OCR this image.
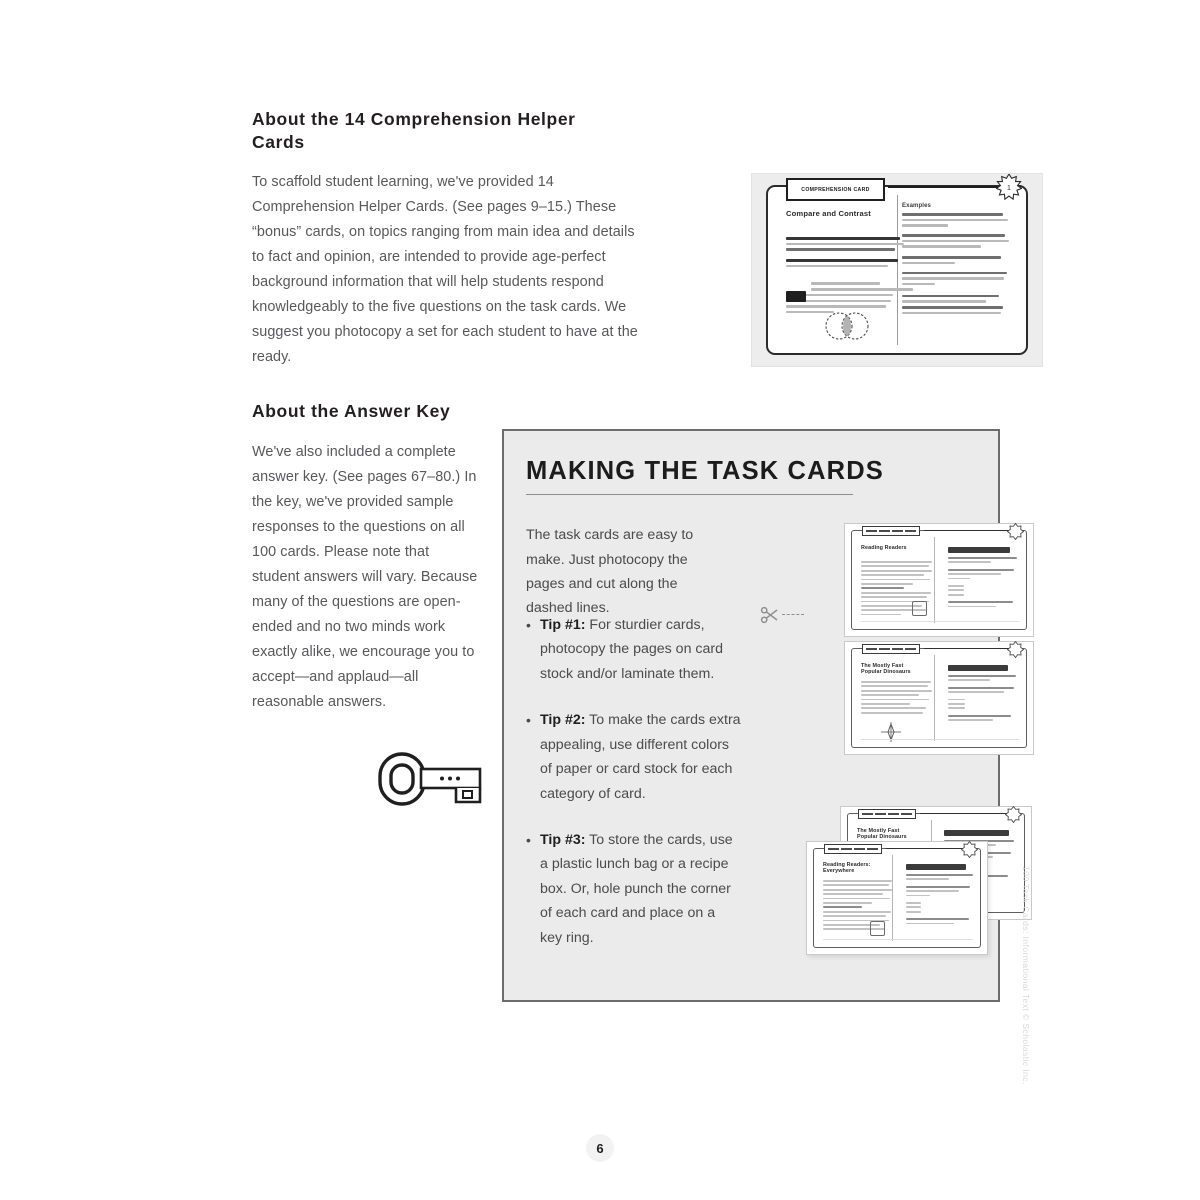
About the 14 Comprehension Helper Cards

To scaffold student learning, we've provided 14 Comprehension Helper Cards. (See pages 9–15.) These “bonus” cards, on topics ranging from main idea and details to fact and opinion, are intended to provide age-perfect background information that will help students respond knowledgeably to the five questions on the task cards. We suggest you photocopy a set for each student to have at the ready.

About the Answer Key

We've also included a complete answer key. (See pages 67–80.) In the key, we've provided sample responses to the questions on all 100 cards. Please note that student answers will vary. Because many of the questions are open-ended and no two minds work exactly alike, we encourage you to accept—and applaud—all reasonable answers.

COMPREHENSION CARD	1
Compare and Contrast
Examples
MAKING THE TASK CARDS

The task cards are easy to make. Just photocopy the pages and cut along the dashed lines.

• Tip #1: For sturdier cards, photocopy the pages on card stock and/or laminate them.
• Tip #2: To make the cards extra appealing, use different colors of paper or card stock for each category of card.
• Tip #3: To store the cards, use a plastic lunch bag or a recipe box. Or, hole punch the corner of each card and place on a key ring.
Reading Readers
The Mostly Fast Popular Dinosaurs
The Mostly Fast Popular Dinosaurs
Reading Readers: Everywhere
6
100 Task Cards: Informational Text © Scholastic Inc.
